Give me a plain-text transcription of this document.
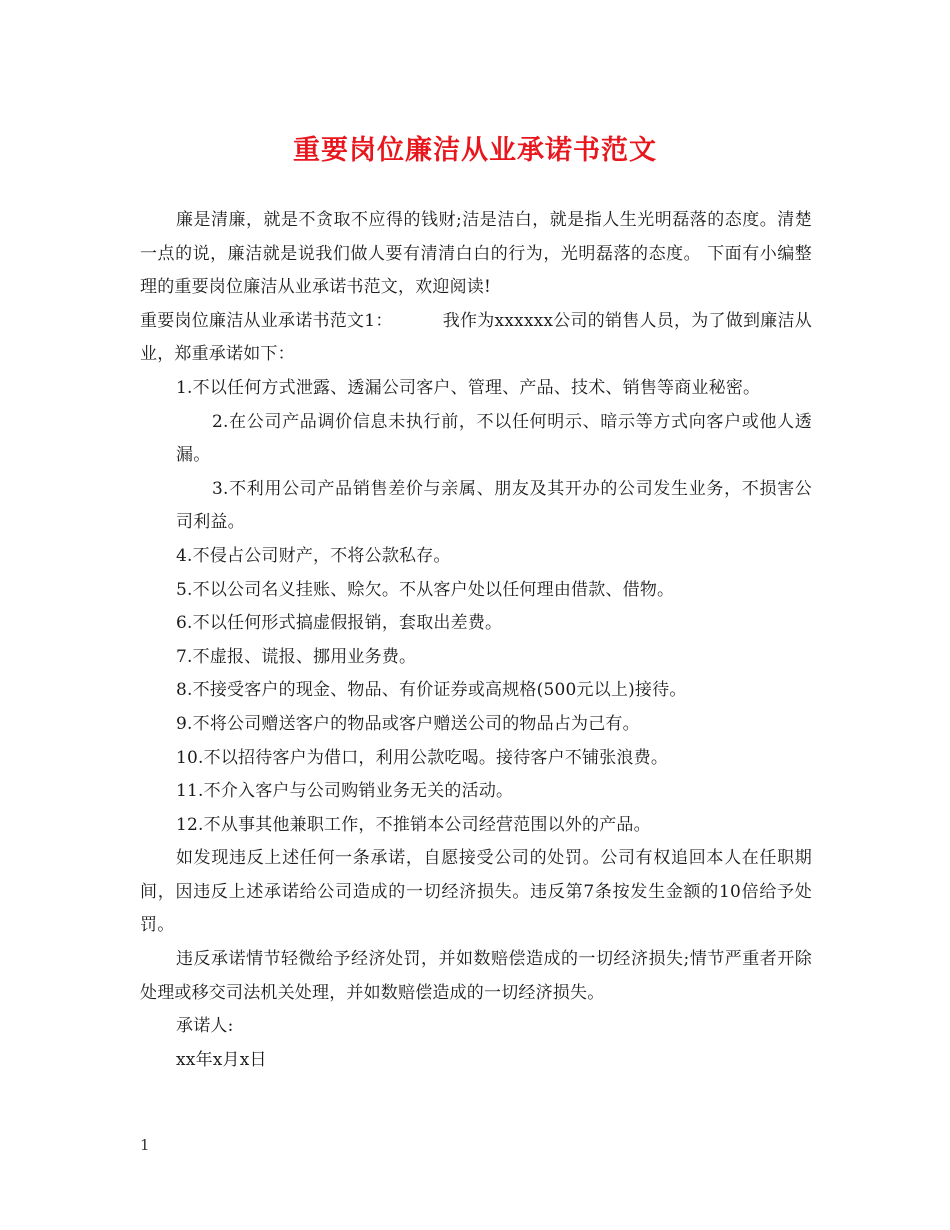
重要岗位廉洁从业承诺书范文

廉是清廉，就是不贪取不应得的钱财;洁是洁白，就是指人生光明磊落的态度。清楚一点的说，廉洁就是说我们做人要有清清白白的行为，光明磊落的态度。 下面有小编整理的重要岗位廉洁从业承诺书范文，欢迎阅读!

重要岗位廉洁从业承诺书范文1：	我作为xxxxxx公司的销售人员，为了做到廉洁从业，郑重承诺如下：

1.不以任何方式泄露、透漏公司客户、管理、产品、技术、销售等商业秘密。

2.在公司产品调价信息未执行前，不以任何明示、暗示等方式向客户或他人透漏。

3.不利用公司产品销售差价与亲属、朋友及其开办的公司发生业务，不损害公司利益。

4.不侵占公司财产，不将公款私存。

5.不以公司名义挂账、赊欠。不从客户处以任何理由借款、借物。

6.不以任何形式搞虚假报销，套取出差费。

7.不虚报、谎报、挪用业务费。

8.不接受客户的现金、物品、有价证券或高规格(500元以上)接待。

9.不将公司赠送客户的物品或客户赠送公司的物品占为己有。

10.不以招待客户为借口，利用公款吃喝。接待客户不铺张浪费。

11.不介入客户与公司购销业务无关的活动。

12.不从事其他兼职工作，不推销本公司经营范围以外的产品。

如发现违反上述任何一条承诺，自愿接受公司的处罚。公司有权追回本人在任职期间，因违反上述承诺给公司造成的一切经济损失。违反第7条按发生金额的10倍给予处罚。

违反承诺情节轻微给予经济处罚，并如数赔偿造成的一切经济损失;情节严重者开除处理或移交司法机关处理，并如数赔偿造成的一切经济损失。

承诺人:

xx年x月x日

1
